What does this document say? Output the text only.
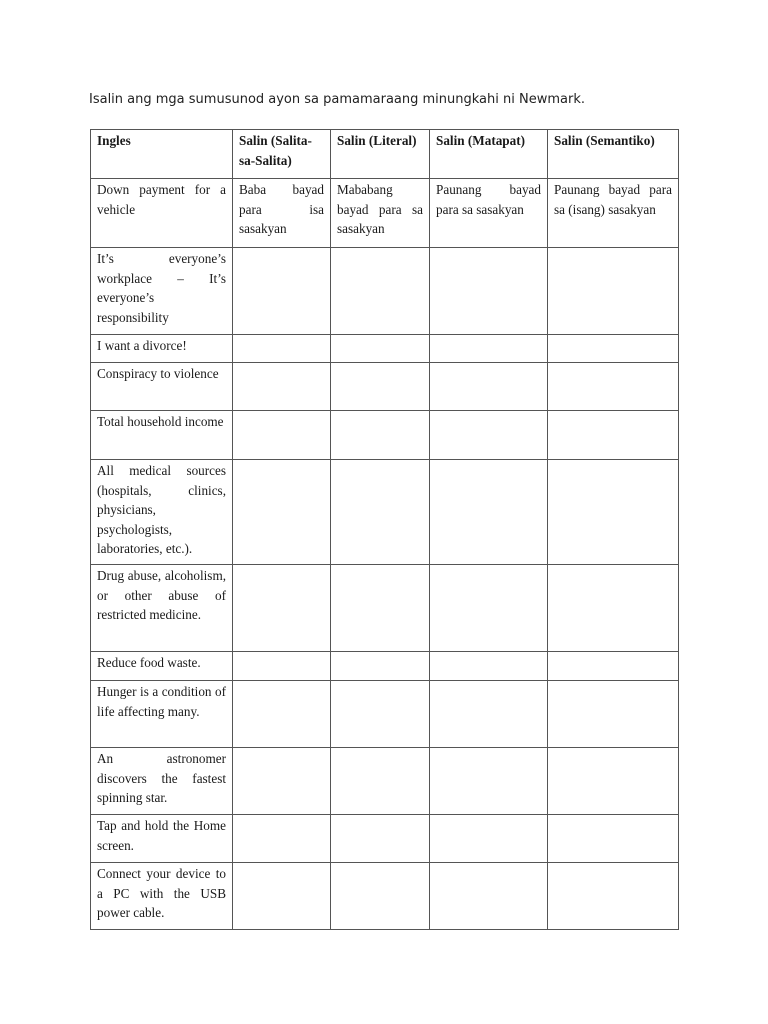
Isalin ang mga sumusunod ayon sa pamamaraang minungkahi ni Newmark.

Ingles	Salin (Salita-sa-Salita)	Salin (Literal)	Salin (Matapat)	Salin (Semantiko)
Down payment for a vehicle	Baba bayad para isa sasakyan	Mababang bayad para sa sasakyan	Paunang bayad para sa sasakyan	Paunang bayad para sa (isang) sasakyan
It’s everyone’s workplace – It’s everyone’s responsibility				
I want a divorce!				
Conspiracy to violence				
Total household income				
All medical sources (hospitals, clinics, physicians, psychologists, laboratories, etc.).				
Drug abuse, alcoholism, or other abuse of restricted medicine.				
Reduce food waste.				
Hunger is a condition of life affecting many.				
An astronomer discovers the fastest spinning star.				
Tap and hold the Home screen.				
Connect your device to a PC with the USB power cable.				
